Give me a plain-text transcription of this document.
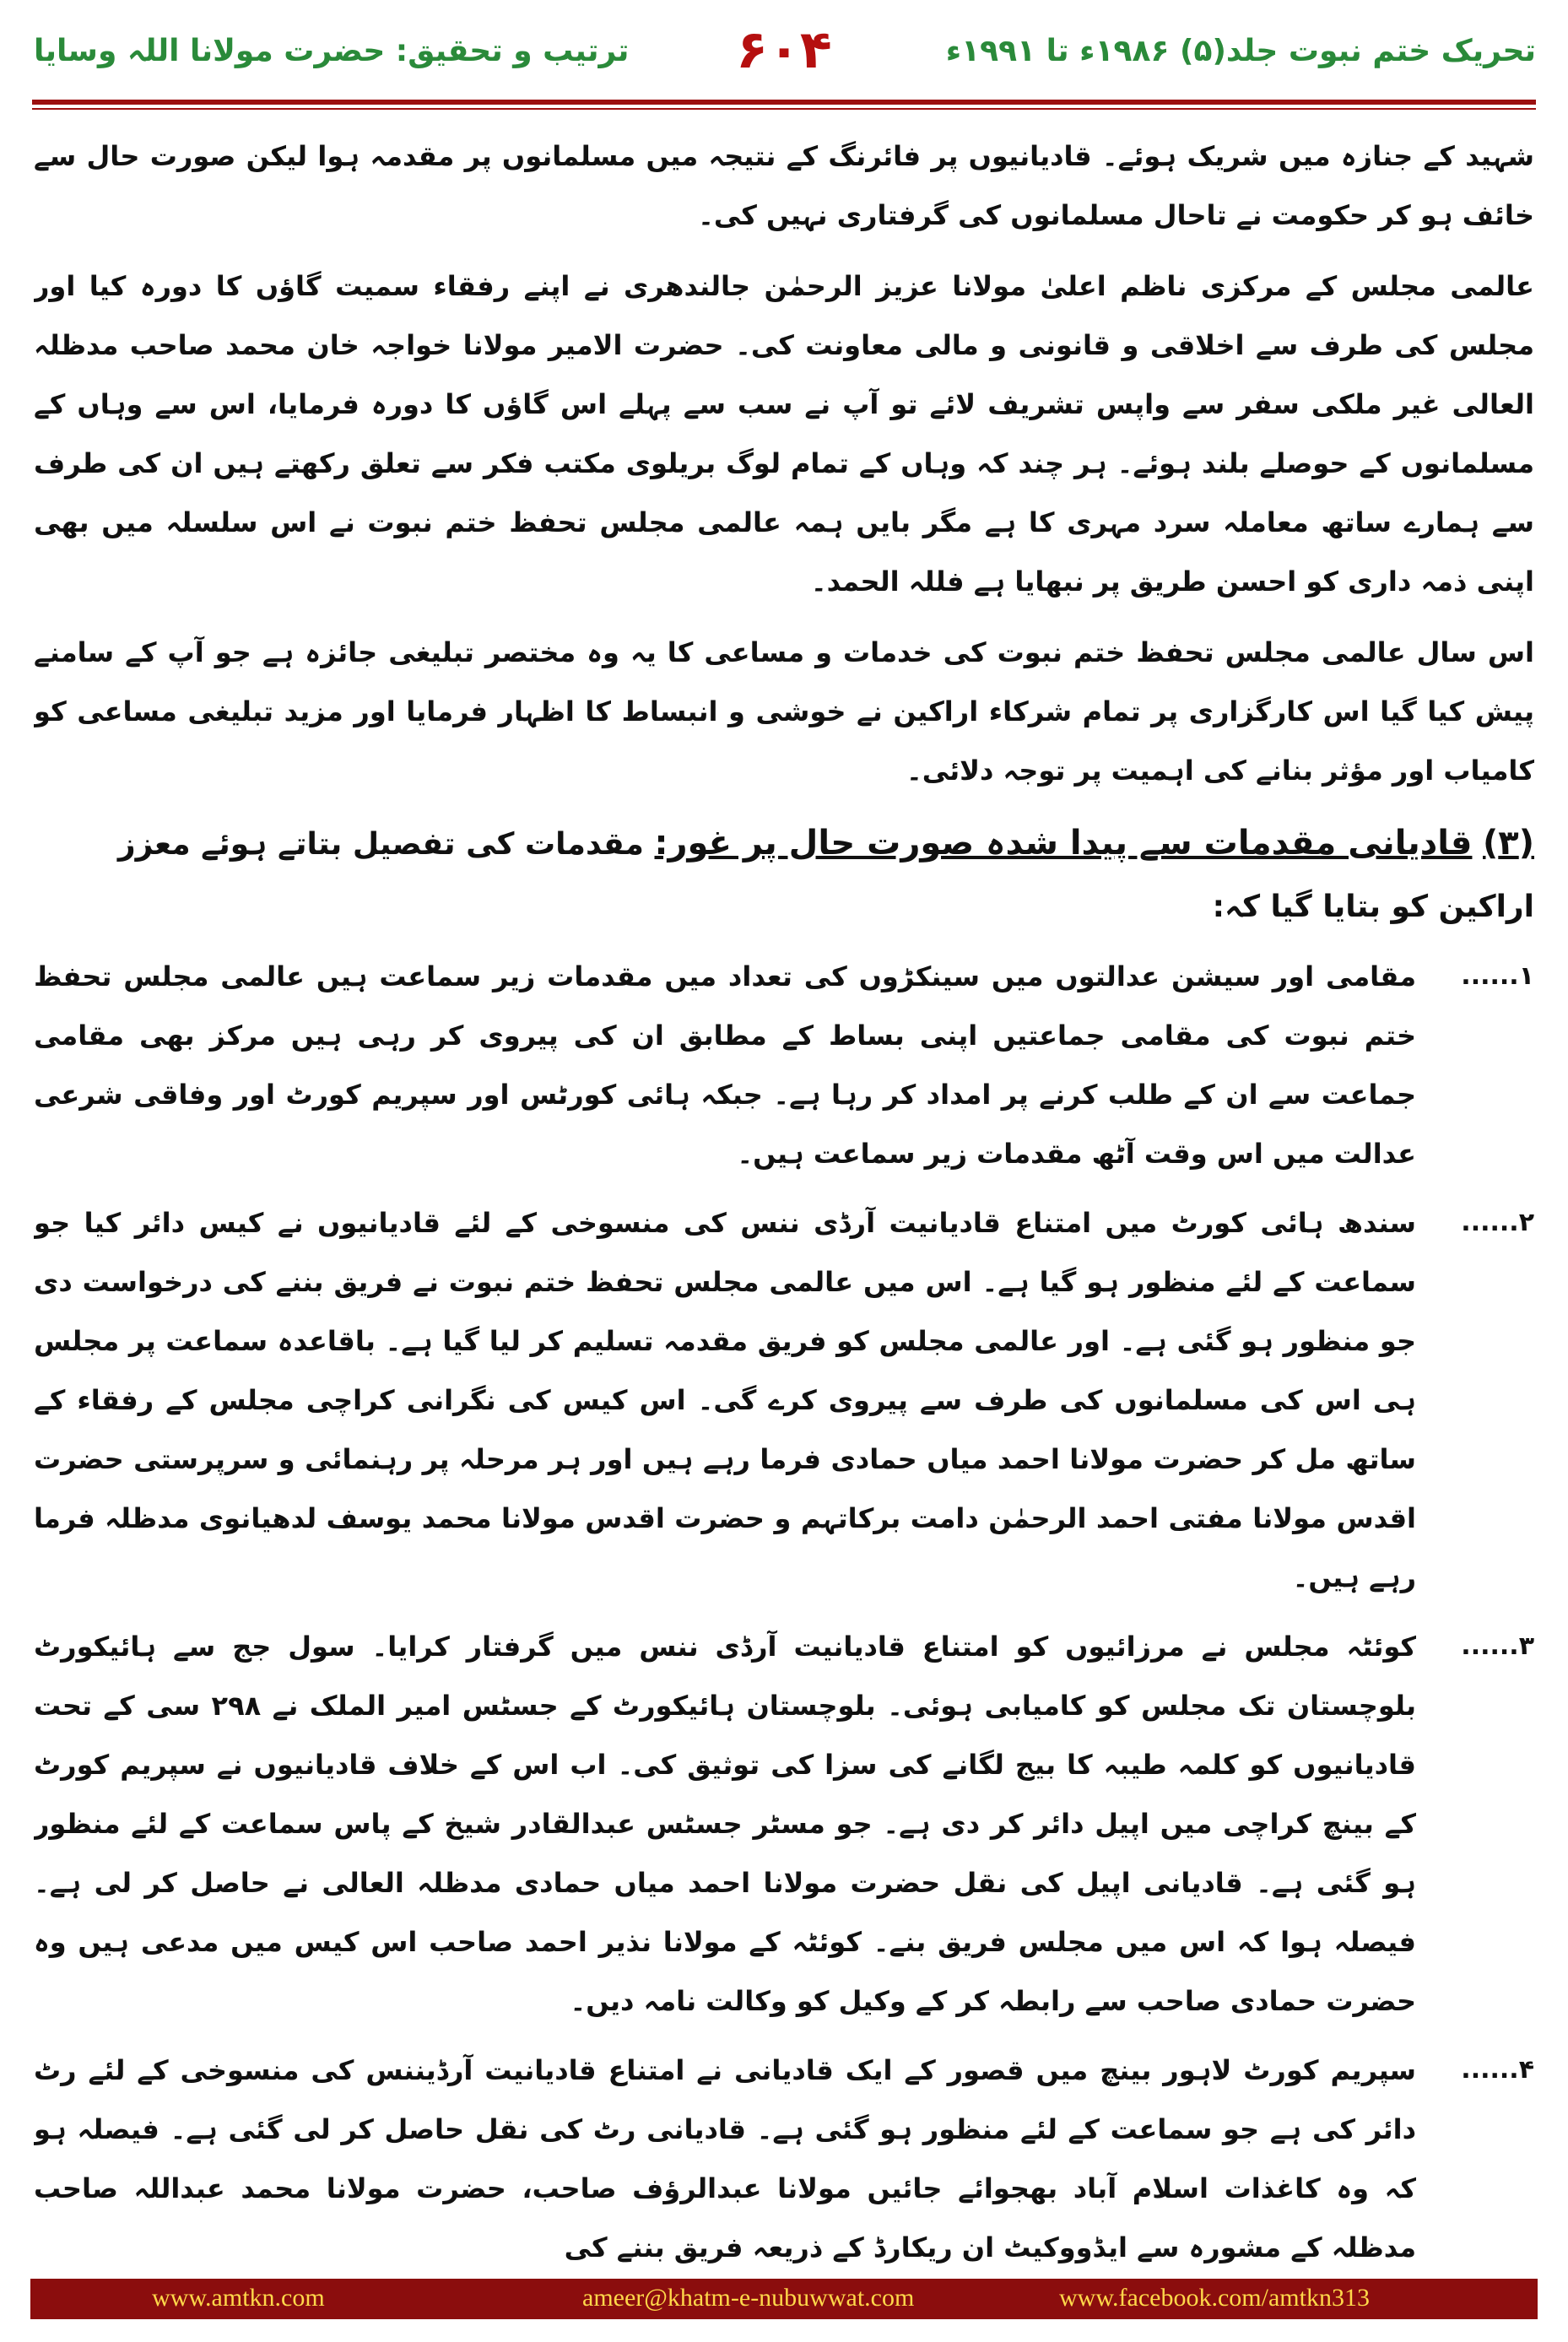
تحریک ختم نبوت جلد(۵) ۱۹۸۶ء تا ۱۹۹۱ء
۶۰۴
ترتیب و تحقیق: حضرت مولانا اللہ وسایا

شہید کے جنازہ میں شریک ہوئے۔ قادیانیوں پر فائرنگ کے نتیجہ میں مسلمانوں پر مقدمہ ہوا لیکن صورت حال سے خائف ہو کر حکومت نے تاحال مسلمانوں کی گرفتاری نہیں کی۔

عالمی مجلس کے مرکزی ناظم اعلیٰ مولانا عزیز الرحمٰن جالندھری نے اپنے رفقاء سمیت گاؤں کا دورہ کیا اور مجلس کی طرف سے اخلاقی و قانونی و مالی معاونت کی۔ حضرت الامیر مولانا خواجہ خان محمد صاحب مدظلہ العالی غیر ملکی سفر سے واپس تشریف لائے تو آپ نے سب سے پہلے اس گاؤں کا دورہ فرمایا، اس سے وہاں کے مسلمانوں کے حوصلے بلند ہوئے۔ ہر چند کہ وہاں کے تمام لوگ بریلوی مکتب فکر سے تعلق رکھتے ہیں ان کی طرف سے ہمارے ساتھ معاملہ سرد مہری کا ہے مگر بایں ہمہ عالمی مجلس تحفظ ختم نبوت نے اس سلسلہ میں بھی اپنی ذمہ داری کو احسن طریق پر نبھایا ہے فللہ الحمد۔

اس سال عالمی مجلس تحفظ ختم نبوت کی خدمات و مساعی کا یہ وہ مختصر تبلیغی جائزہ ہے جو آپ کے سامنے پیش کیا گیا اس کارگزاری پر تمام شرکاء اراکین نے خوشی و انبساط کا اظہار فرمایا اور مزید تبلیغی مساعی کو کامیاب اور مؤثر بنانے کی اہمیت پر توجہ دلائی۔

(۳) قادیانی مقدمات سے پیدا شدہ صورت حال پر غور: مقدمات کی تفصیل بتاتے ہوئے معزز اراکین کو بتایا گیا کہ:
۱......
مقامی اور سیشن عدالتوں میں سینکڑوں کی تعداد میں مقدمات زیر سماعت ہیں عالمی مجلس تحفظ ختم نبوت کی مقامی جماعتیں اپنی بساط کے مطابق ان کی پیروی کر رہی ہیں مرکز بھی مقامی جماعت سے ان کے طلب کرنے پر امداد کر رہا ہے۔ جبکہ ہائی کورٹس اور سپریم کورٹ اور وفاقی شرعی عدالت میں اس وقت آٹھ مقدمات زیر سماعت ہیں۔
۲......
سندھ ہائی کورٹ میں امتناع قادیانیت آرڈی ننس کی منسوخی کے لئے قادیانیوں نے کیس دائر کیا جو سماعت کے لئے منظور ہو گیا ہے۔ اس میں عالمی مجلس تحفظ ختم نبوت نے فریق بننے کی درخواست دی جو منظور ہو گئی ہے۔ اور عالمی مجلس کو فریق مقدمہ تسلیم کر لیا گیا ہے۔ باقاعدہ سماعت پر مجلس ہی اس کی مسلمانوں کی طرف سے پیروی کرے گی۔ اس کیس کی نگرانی کراچی مجلس کے رفقاء کے ساتھ مل کر حضرت مولانا احمد میاں حمادی فرما رہے ہیں اور ہر مرحلہ پر رہنمائی و سرپرستی حضرت اقدس مولانا مفتی احمد الرحمٰن دامت برکاتہم و حضرت اقدس مولانا محمد یوسف لدھیانوی مدظلہ فرما رہے ہیں۔
۳......
کوئٹہ مجلس نے مرزائیوں کو امتناع قادیانیت آرڈی ننس میں گرفتار کرایا۔ سول جج سے ہائیکورٹ بلوچستان تک مجلس کو کامیابی ہوئی۔ بلوچستان ہائیکورٹ کے جسٹس امیر الملک نے ۲۹۸ سی کے تحت قادیانیوں کو کلمہ طیبہ کا بیج لگانے کی سزا کی توثیق کی۔ اب اس کے خلاف قادیانیوں نے سپریم کورٹ کے بینچ کراچی میں اپیل دائر کر دی ہے۔ جو مسٹر جسٹس عبدالقادر شیخ کے پاس سماعت کے لئے منظور ہو گئی ہے۔ قادیانی اپیل کی نقل حضرت مولانا احمد میاں حمادی مدظلہ العالی نے حاصل کر لی ہے۔ فیصلہ ہوا کہ اس میں مجلس فریق بنے۔ کوئٹہ کے مولانا نذیر احمد صاحب اس کیس میں مدعی ہیں وہ حضرت حمادی صاحب سے رابطہ کر کے وکیل کو وکالت نامہ دیں۔
۴......
سپریم کورٹ لاہور بینچ میں قصور کے ایک قادیانی نے امتناع قادیانیت آرڈیننس کی منسوخی کے لئے رٹ دائر کی ہے جو سماعت کے لئے منظور ہو گئی ہے۔ قادیانی رٹ کی نقل حاصل کر لی گئی ہے۔ فیصلہ ہو کہ وہ کاغذات اسلام آباد بھجوائے جائیں مولانا عبدالرؤف صاحب، حضرت مولانا محمد عبداللہ صاحب مدظلہ کے مشورہ سے ایڈووکیٹ ان ریکارڈ کے ذریعہ فریق بننے کی
www.amtkn.com	ameer@khatm-e-nubuwwat.com	www.facebook.com/amtkn313
